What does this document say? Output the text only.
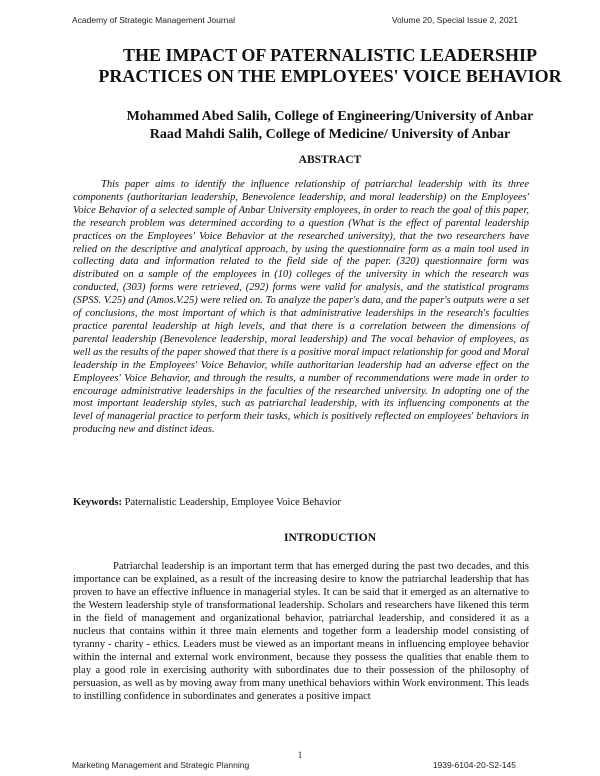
Academy of Strategic Management Journal	Volume 20, Special Issue 2, 2021
THE IMPACT OF PATERNALISTIC LEADERSHIP
PRACTICES ON THE EMPLOYEES' VOICE BEHAVIOR
Mohammed Abed Salih, College of Engineering/University of Anbar
Raad Mahdi Salih, College of Medicine/ University of Anbar
ABSTRACT

This paper aims to identify the influence relationship of patriarchal leadership with its three components (authoritarian leadership, Benevolence leadership, and moral leadership) on the Employees' Voice Behavior of a selected sample of Anbar University employees, in order to reach the goal of this paper, the research problem was determined according to a question (What is the effect of parental leadership practices on the Employees' Voice Behavior at the researched university), that the two researchers have relied on the descriptive and analytical approach, by using the questionnaire form as a main tool used in collecting data and information related to the field side of the paper. (320) questionnaire form was distributed on a sample of the employees in (10) colleges of the university in which the research was conducted, (303) forms were retrieved, (292) forms were valid for analysis, and the statistical programs (SPSS. V.25) and (Amos.V.25) were relied on. To analyze the paper's data, and the paper's outputs were a set of conclusions, the most important of which is that administrative leaderships in the research's faculties practice parental leadership at high levels, and that there is a correlation between the dimensions of parental leadership (Benevolence leadership, moral leadership) and The vocal behavior of employees, as well as the results of the paper showed that there is a positive moral impact relationship for good and Moral leadership in the Employees' Voice Behavior, while authoritarian leadership had an adverse effect on the Employees' Voice Behavior, and through the results, a number of recommendations were made in order to encourage administrative leaderships in the faculties of the researched university. In adopting one of the most important leadership styles, such as patriarchal leadership, with its influencing components at the level of managerial practice to perform their tasks, which is positively reflected on employees' behaviors in producing new and distinct ideas.

Keywords: Paternalistic Leadership, Employee Voice Behavior

INTRODUCTION

Patriarchal leadership is an important term that has emerged during the past two decades, and this importance can be explained, as a result of the increasing desire to know the patriarchal leadership that has proven to have an effective influence in managerial styles. It can be said that it emerged as an alternative to the Western leadership style of transformational leadership. Scholars and researchers have likened this term in the field of management and organizational behavior, patriarchal leadership, and considered it as a nucleus that contains within it three main elements and together form a leadership model consisting of tyranny - charity - ethics. Leaders must be viewed as an important means in influencing employee behavior within the internal and external work environment, because they possess the qualities that enable them to play a good role in exercising authority with subordinates due to their possession of the philosophy of persuasion, as well as by moving away from many unethical behaviors within Work environment. This leads to instilling confidence in subordinates and generates a positive impact

1
Marketing Management and Strategic Planning	1939-6104-20-S2-145
